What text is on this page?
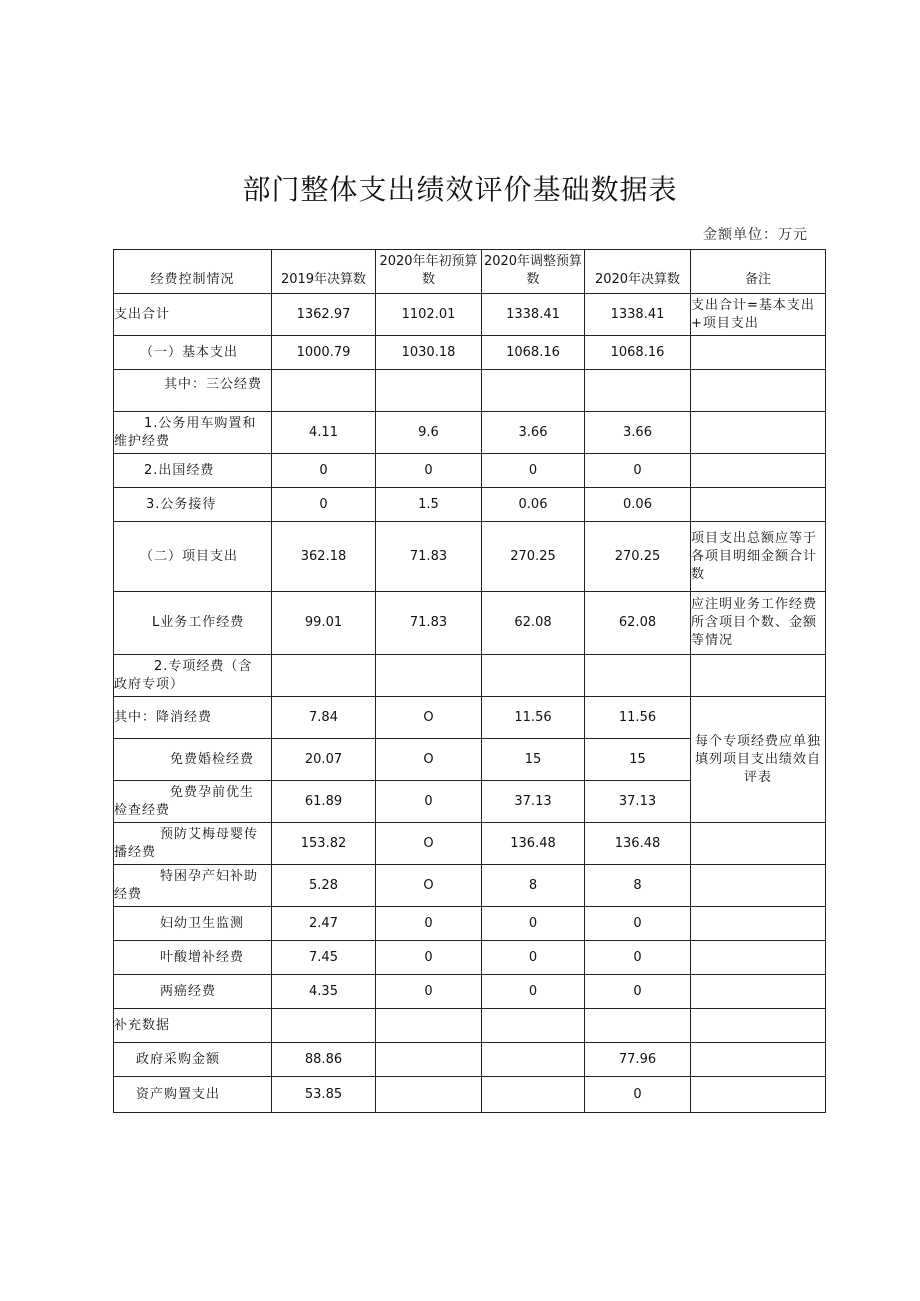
部门整体支出绩效评价基础数据表
金额单位：万元
经费控制情况	2019年决算数	2020年年初预算数	2020年调整预算数	2020年决算数	备注
支出合计	1362.97	1102.01	1338.41	1338.41	支出合计=基本支出+项目支出
（一）基本支出	1000.79	1030.18	1068.16	1068.16	
其中：三公经费					

1.公务用车购置和
维护经费	4.11	9.6	3.66	3.66	
2.出国经费	0	0	0	0	
3.公务接待	0	1.5	0.06	0.06	
（二）项目支出	362.18	71.83	270.25	270.25	项目支出总额应等于各项目明细金额合计数
L业务工作经费	99.01	71.83	62.08	62.08	应注明业务工作经费所含项目个数、金额等情况

2.专项经费（含
政府专项）					

其中：降消经费	7.84	O	11.56	11.56	每个专项经费应单独填列项目支出绩效自评表
免费婚检经费	20.07	O	15	15	

免费孕前优生
检查经费	61.89	0	37.13	37.13	

预防艾梅母婴传
播经费	153.82	O	136.48	136.48	

特困孕产妇补助
经费	5.28	O	8	8	
妇幼卫生监测	2.47	0	0	0	
叶酸增补经费	7.45	0	0	0	
两癌经费	4.35	0	0	0	
补充数据					
政府采购金额	88.86			77.96	
资产购置支出	53.85			0	
